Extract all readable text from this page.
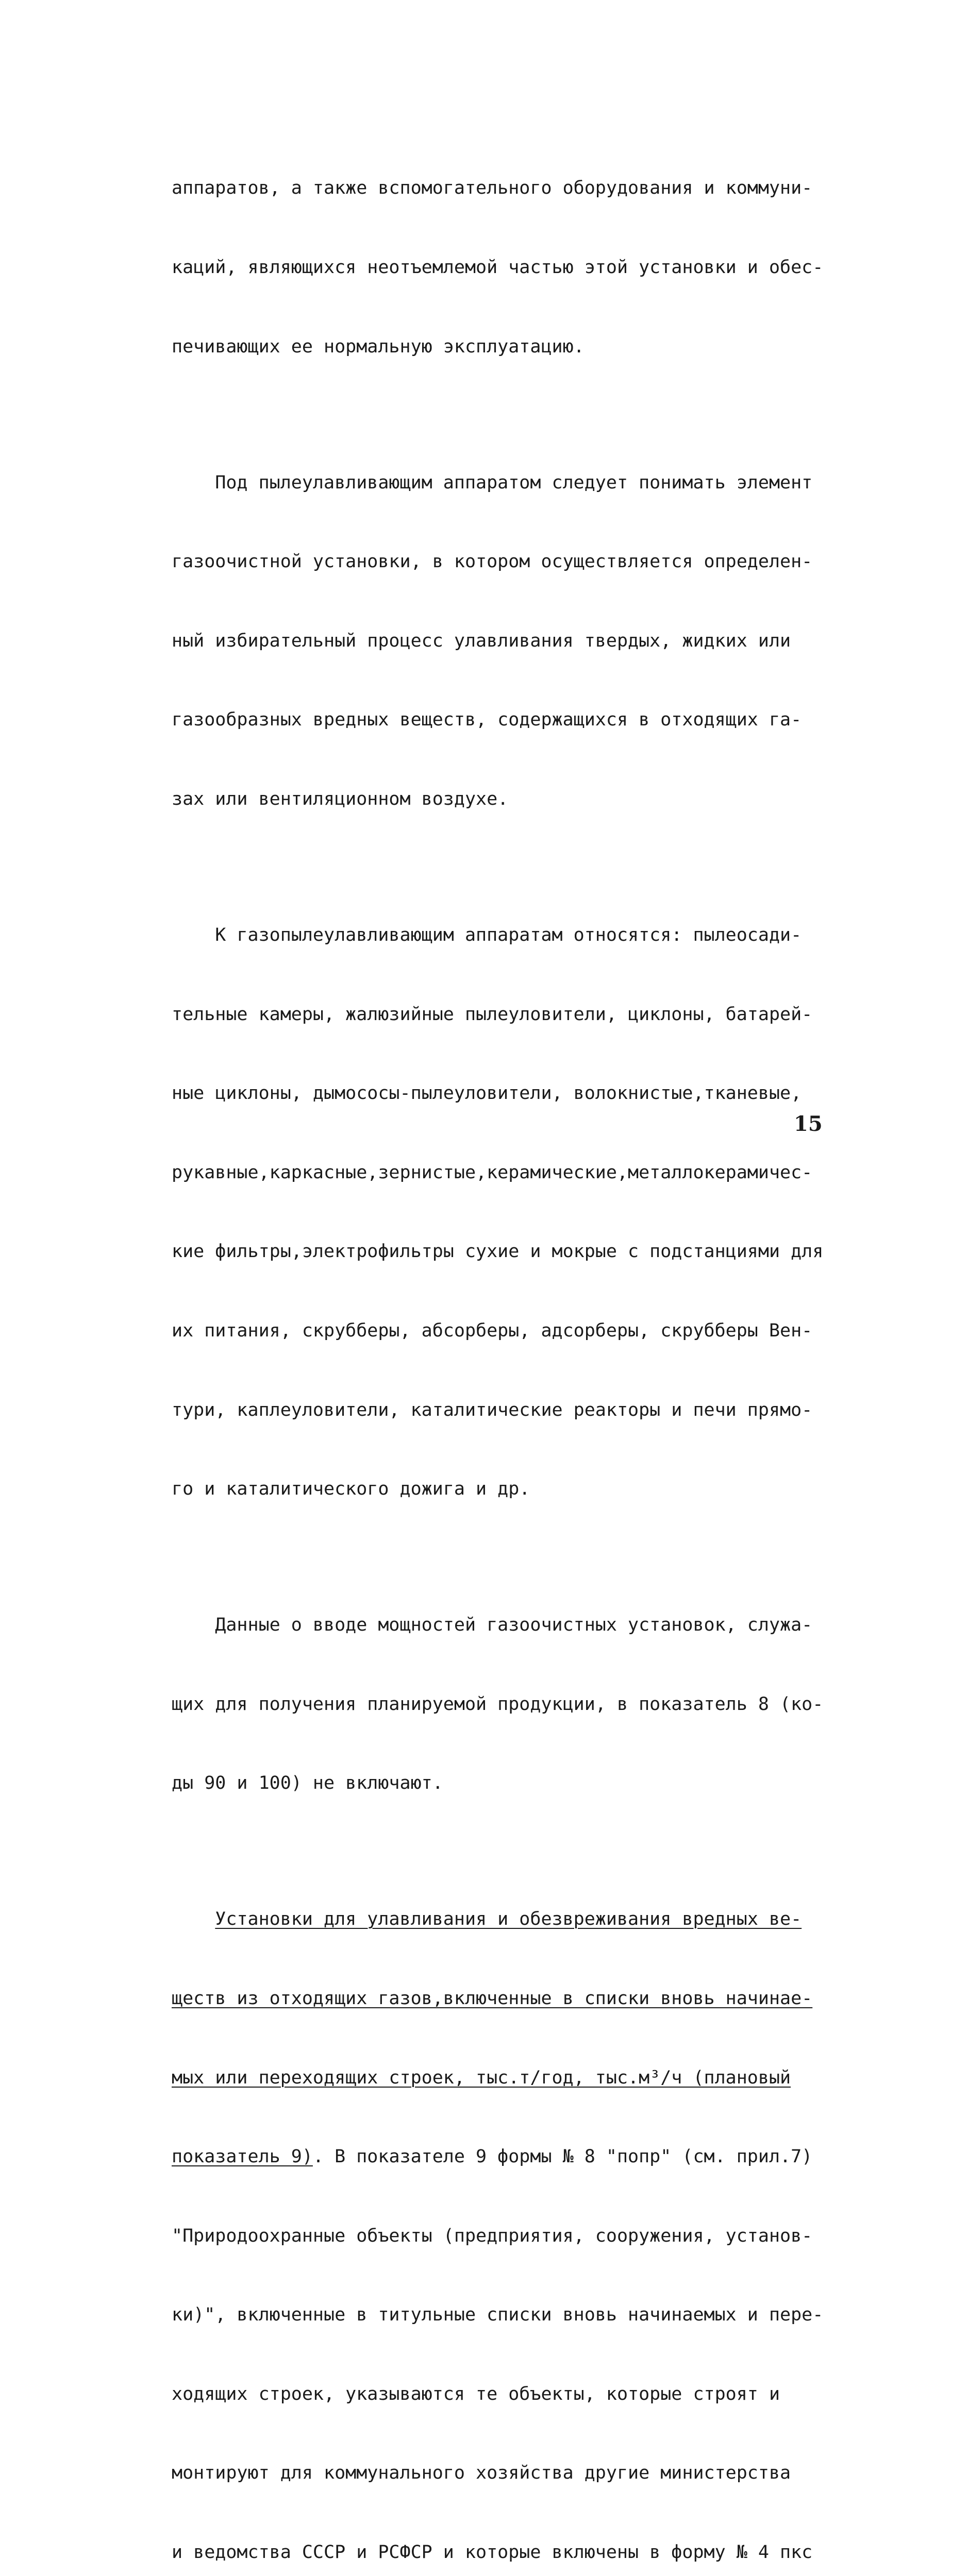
аппаратов, а также вспомогательного оборудования и коммуни-

каций, являющихся неотъемлемой частью этой установки и обес-

печивающих ее нормальную эксплуатацию.

Под пылеулавливающим аппаратом следует понимать элемент

газоочистной установки, в котором осуществляется определен-

ный избирательный процесс улавливания твердых, жидких или

газообразных вредных веществ, содержащихся в отходящих га-

зах или вентиляционном воздухе.

К газопылеулавливающим аппаратам относятся: пылеосади-

тельные камеры, жалюзийные пылеуловители, циклоны, батарей-

ные циклоны, дымососы-пылеуловители, волокнистые,тканевые,

рукавные,каркасные,зернистые,керамические,металлокерамичес-

кие фильтры,электрофильтры сухие и мокрые с подстанциями для

их питания, скрубберы, абсорберы, адсорберы, скрубберы Вен-

тури, каплеуловители, каталитические реакторы и печи прямо-

го и каталитического дожига и др.

Данные о вводе мощностей газоочистных установок, служа-

щих для получения планируемой продукции, в показатель 8 (ко-

ды 90 и 100) не включают.

Установки для улавливания и обезвреживания вредных ве-

ществ из отходящих газов,включенные в списки вновь начинае-

мых или переходящих строек, тыс.т/год, тыс.м³/ч (плановый

показатель 9). В показателе 9 формы № 8 "попр" (см. прил.7)

"Природоохранные объекты (предприятия, сооружения, установ-

ки)", включенные в титульные списки вновь начинаемых и пере-

ходящих строек, указываются те объекты, которые строят и

монтируют для коммунального хозяйства другие министерства

и ведомства СССР и РСФСР и которые включены в форму № 4 пкс

15
